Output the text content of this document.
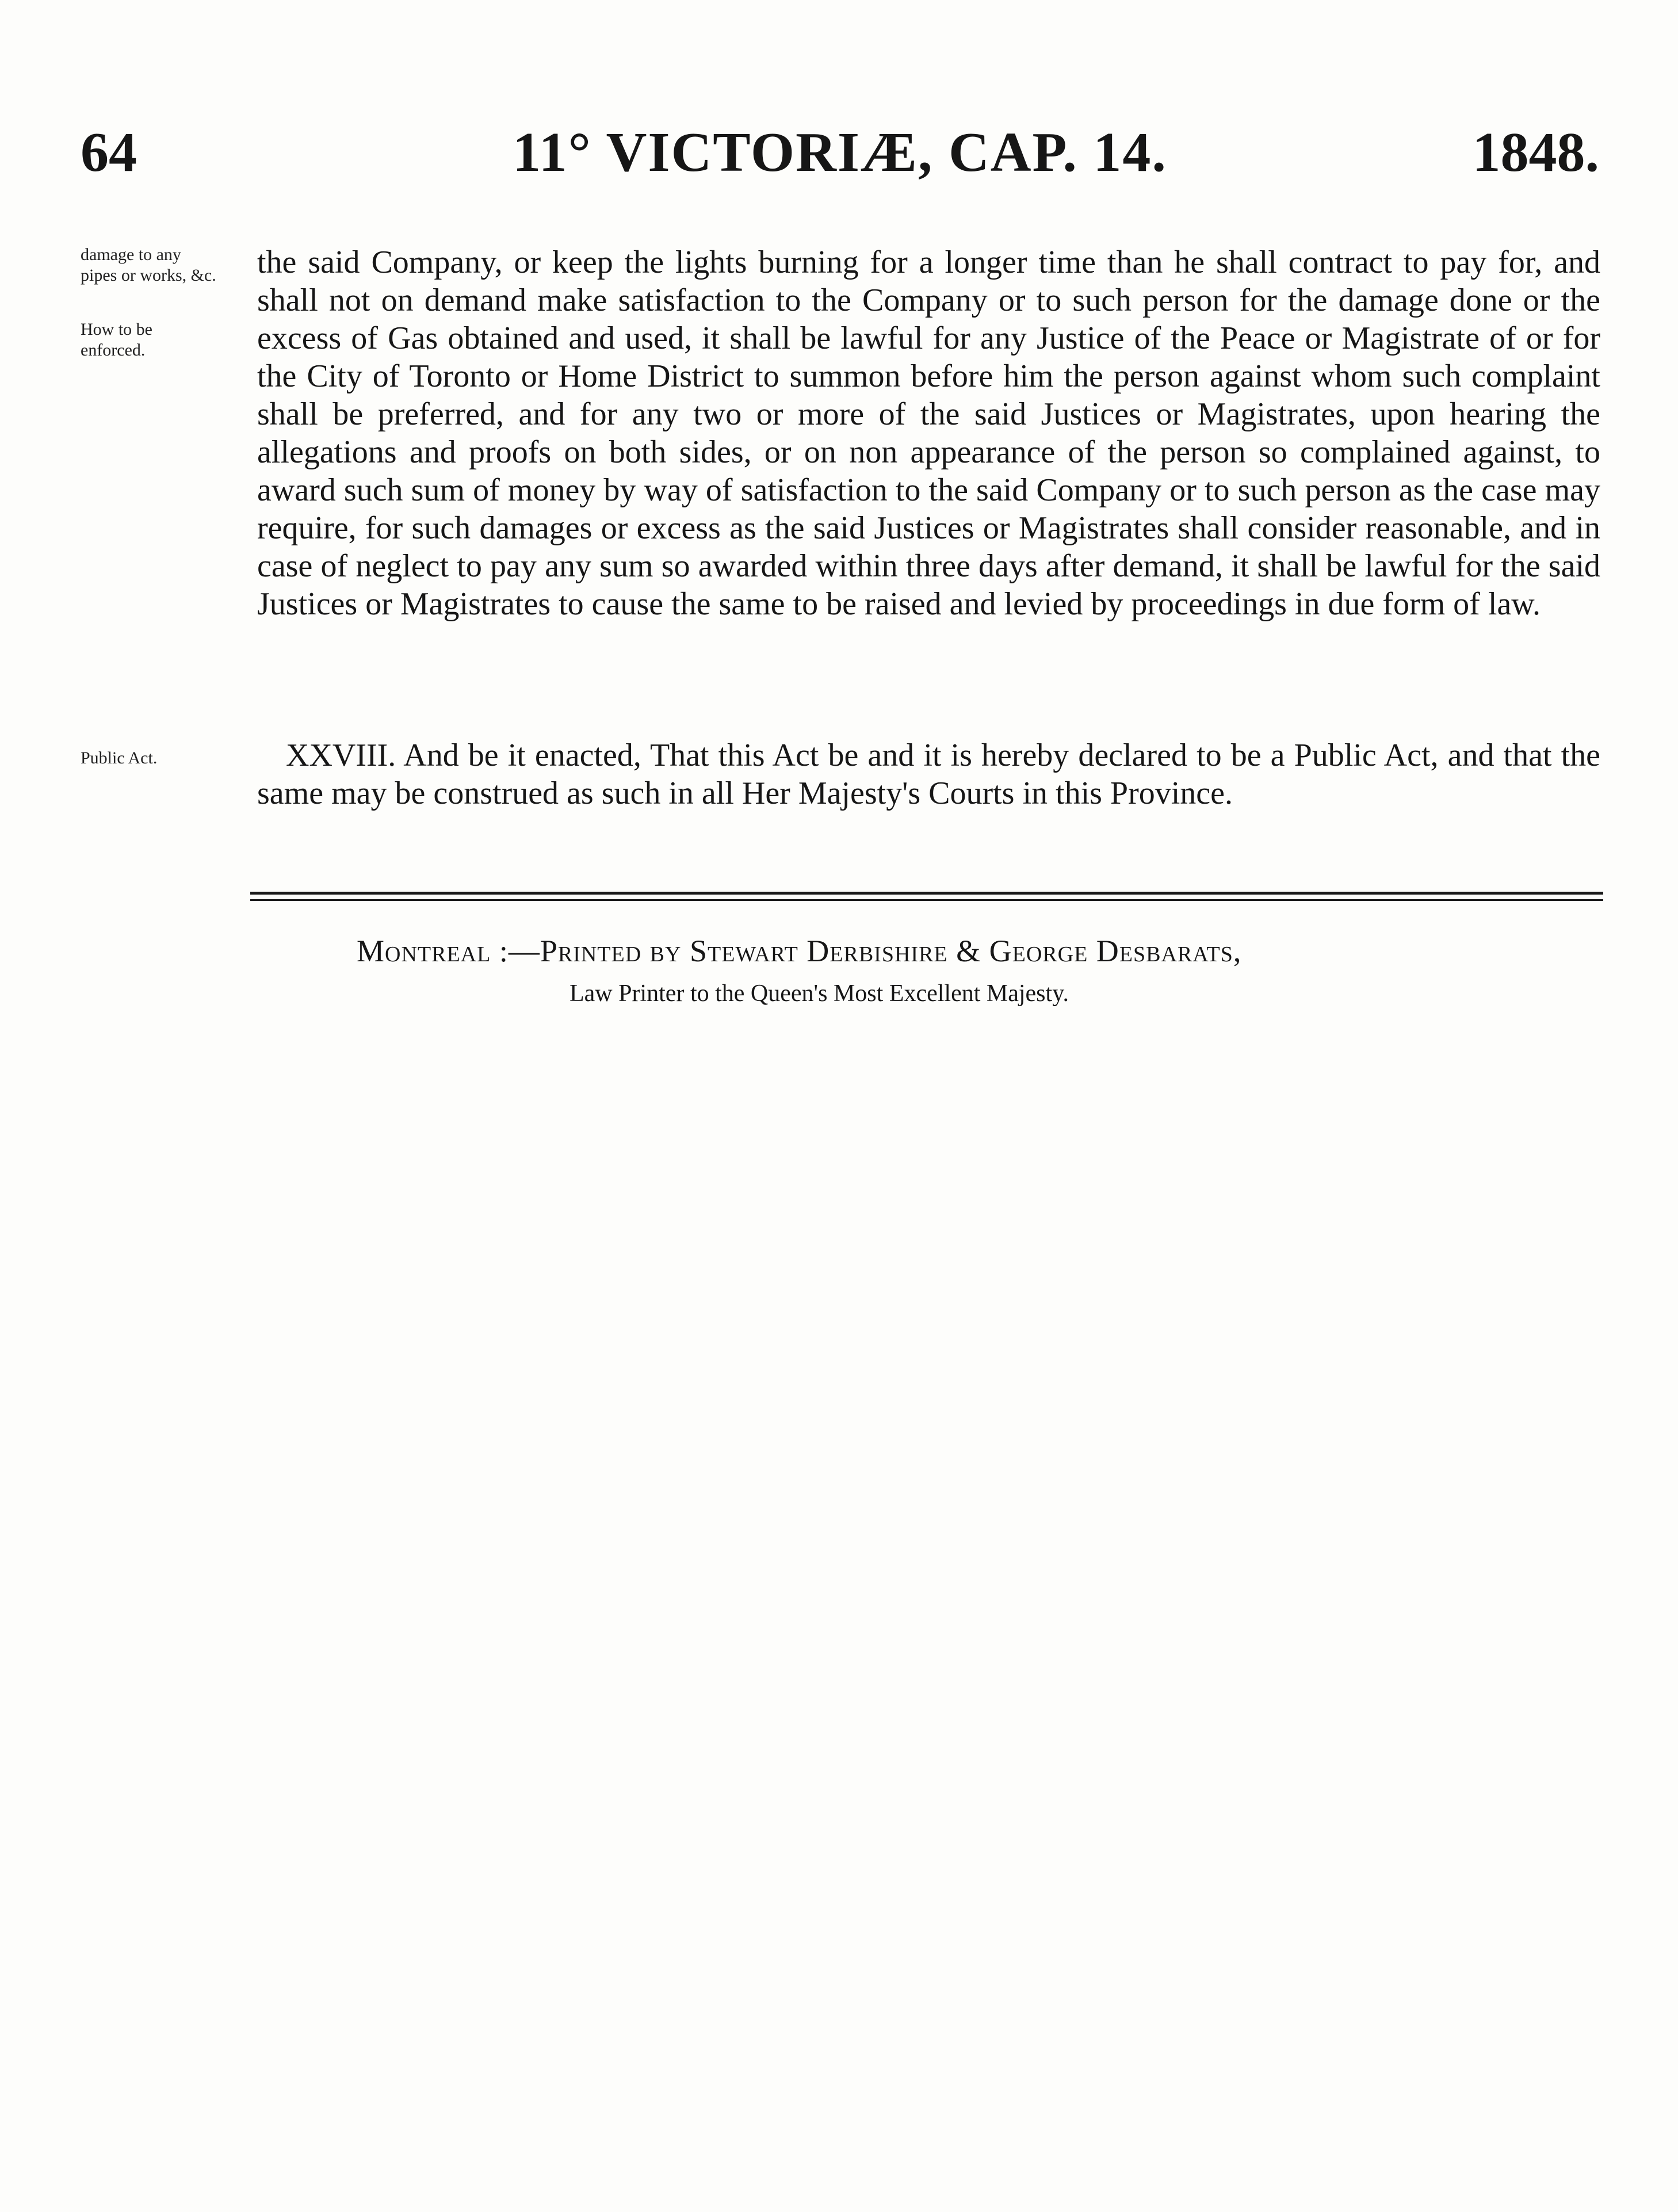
64	11° VICTORIÆ, CAP. 14.	1848.
damage to any pipes or works, &c.
How to be enforced.
Public Act.

the said Company, or keep the lights burning for a longer time than he shall contract to pay for, and shall not on demand make satisfaction to the Company or to such person for the damage done or the excess of Gas obtained and used, it shall be lawful for any Justice of the Peace or Magistrate of or for the City of Toronto or Home District to summon before him the person against whom such complaint shall be preferred, and for any two or more of the said Justices or Magistrates, upon hearing the allegations and proofs on both sides, or on non appearance of the person so complained against, to award such sum of money by way of satisfaction to the said Company or to such person as the case may require, for such damages or excess as the said Justices or Magistrates shall consider reasonable, and in case of neglect to pay any sum so awarded within three days after demand, it shall be lawful for the said Justices or Magistrates to cause the same to be raised and levied by proceedings in due form of law.

XXVIII. And be it enacted, That this Act be and it is hereby declared to be a Public Act, and that the same may be construed as such in all Her Majesty's Courts in this Province.

Montreal :—Printed by Stewart Derbishire & George Desbarats,
Law Printer to the Queen's Most Excellent Majesty.
